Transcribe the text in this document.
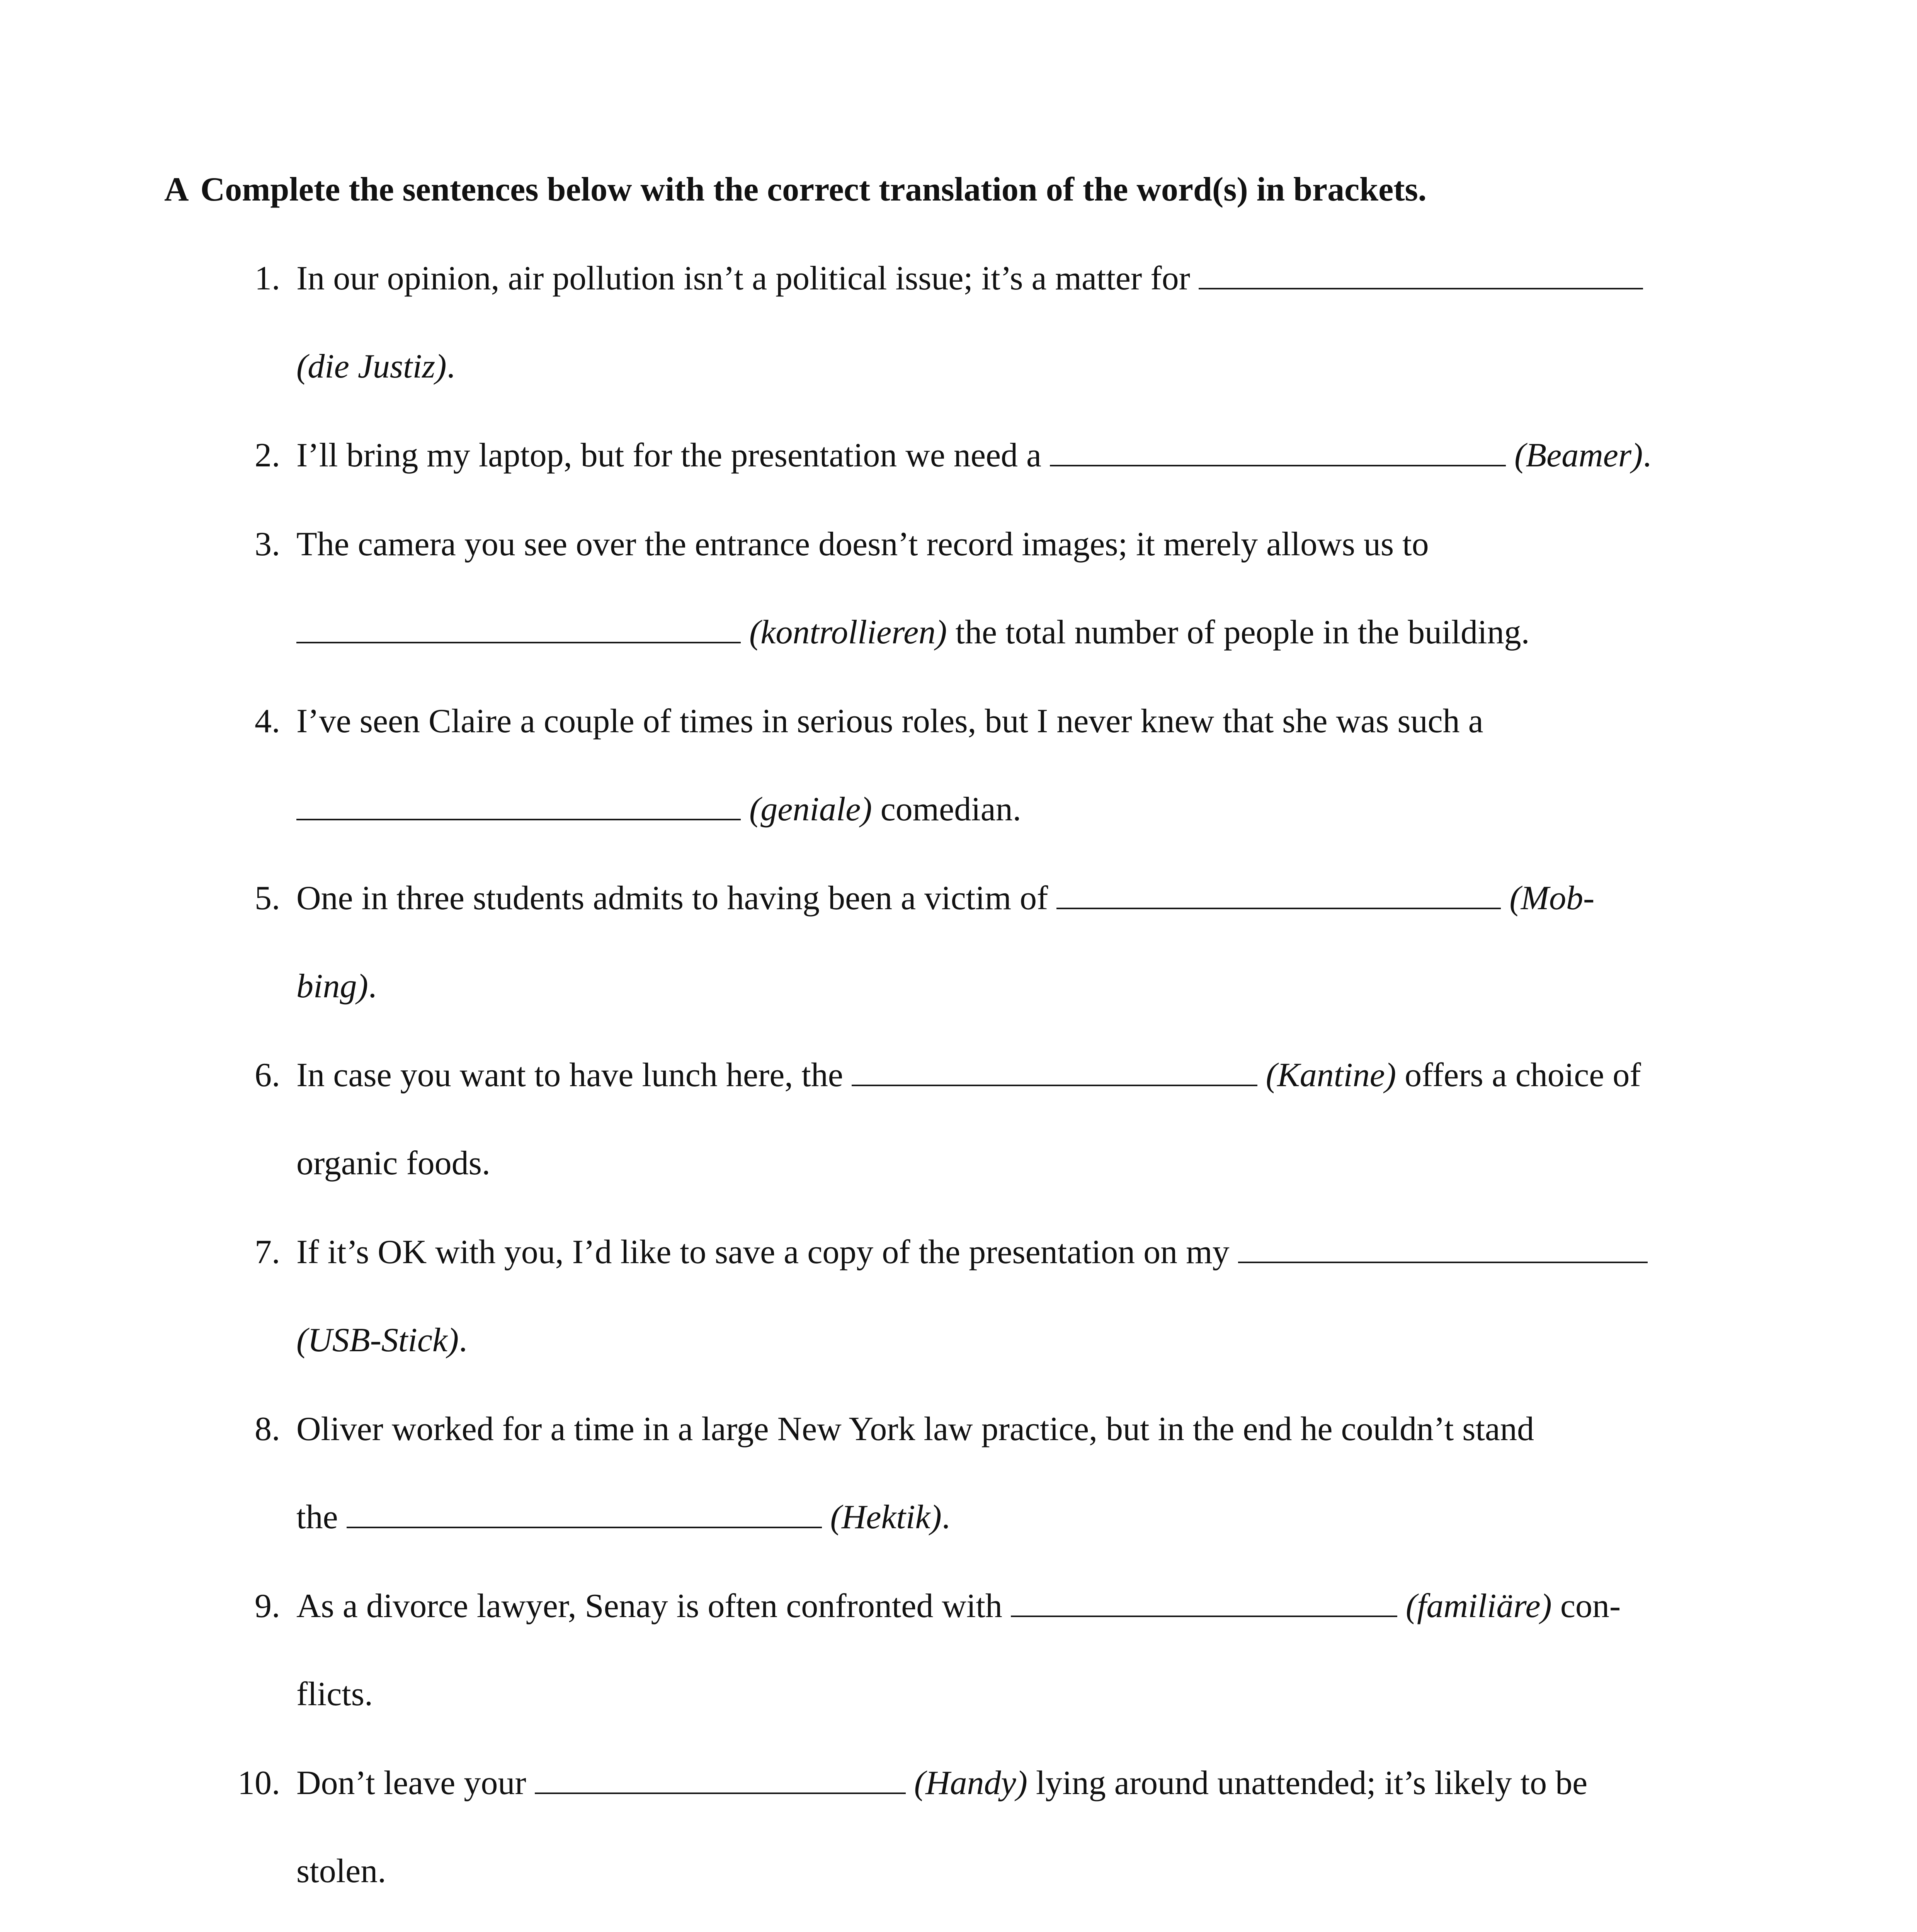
A Complete the sentences below with the correct translation of the word(s) in brackets.
1. In our opinion, air pollution isn’t a political issue; it’s a matter for
(die Justiz).
2. I’ll bring my laptop, but for the presentation we need a	(Beamer).
3. The camera you see over the entrance doesn’t record images; it merely allows us to
(kontrollieren) the total number of people in the building.
4. I’ve seen Claire a couple of times in serious roles, but I never knew that she was such a
(geniale) comedian.
5. One in three students admits to having been a victim of	(Mob-
bing).
6. In case you want to have lunch here, the	(Kantine) offers a choice of
organic foods.
7. If it’s OK with you, I’d like to save a copy of the presentation on my
(USB-Stick).
8. Oliver worked for a time in a large New York law practice, but in the end he couldn’t stand
the	(Hektik).
9. As a divorce lawyer, Senay is often confronted with	(familiäre) con-
flicts.
10. Don’t leave your	(Handy) lying around unattended; it’s likely to be
stolen.
